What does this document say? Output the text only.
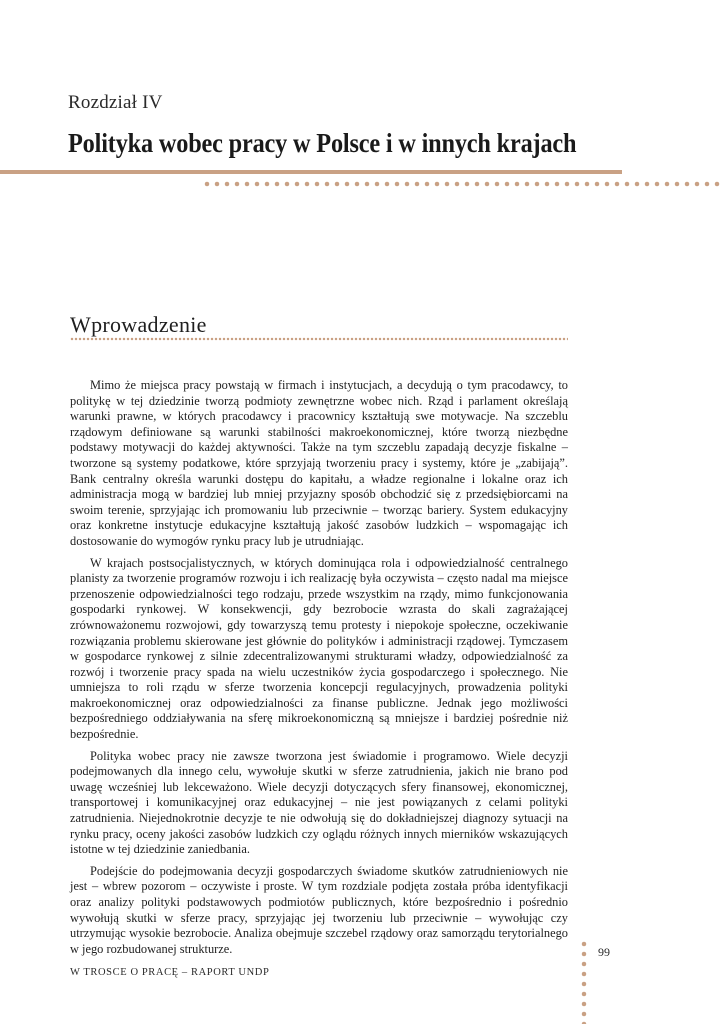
Rozdział IV
Polityka wobec pracy w Polsce i w innych krajach
Wprowadzenie

Mimo że miejsca pracy powstają w firmach i instytucjach, a decydują o tym pracodawcy, to politykę w tej dziedzinie tworzą podmioty zewnętrzne wobec nich. Rząd i parlament określają warunki prawne, w których pracodawcy i pracownicy kształtują swe motywacje. Na szczeblu rządowym definiowane są warunki stabilności makroekonomicznej, które tworzą niezbędne podstawy motywacji do każdej aktywności. Także na tym szczeblu zapadają decyzje fiskalne – tworzone są systemy podatkowe, które sprzyjają tworzeniu pracy i systemy, które je „zabijają”. Bank centralny określa warunki dostępu do kapitału, a władze regionalne i lokalne oraz ich administracja mogą w bardziej lub mniej przyjazny sposób obchodzić się z przedsiębiorcami na swoim terenie, sprzyjając ich promowaniu lub przeciwnie – tworząc bariery. System edukacyjny oraz konkretne instytucje edukacyjne kształtują jakość zasobów ludzkich – wspomagając ich dostosowanie do wymogów rynku pracy lub je utrudniając.

W krajach postsocjalistycznych, w których dominująca rola i odpowiedzialność centralnego planisty za tworzenie programów rozwoju i ich realizację była oczywista – często nadal ma miejsce przenoszenie odpowiedzialności tego rodzaju, przede wszystkim na rządy, mimo funkcjonowania gospodarki rynkowej. W konsekwencji, gdy bezrobocie wzrasta do skali zagrażającej zrównoważonemu rozwojowi, gdy towarzyszą temu protesty i niepokoje społeczne, oczekiwanie rozwiązania problemu skierowane jest głównie do polityków i administracji rządowej. Tymczasem w gospodarce rynkowej z silnie zdecentralizowanymi strukturami władzy, odpowiedzialność za rozwój i tworzenie pracy spada na wielu uczestników życia gospodarczego i społecznego. Nie umniejsza to roli rządu w sferze tworzenia koncepcji regulacyjnych, prowadzenia polityki makroekonomicznej oraz odpowiedzialności za finanse publiczne. Jednak jego możliwości bezpośredniego oddziaływania na sferę mikroekonomiczną są mniejsze i bardziej pośrednie niż bezpośrednie.

Polityka wobec pracy nie zawsze tworzona jest świadomie i programowo. Wiele decyzji podejmowanych dla innego celu, wywołuje skutki w sferze zatrudnienia, jakich nie brano pod uwagę wcześniej lub lekceważono. Wiele decyzji dotyczących sfery finansowej, ekonomicznej, transportowej i komunikacyjnej oraz edukacyjnej – nie jest powiązanych z celami polityki zatrudnienia. Niejednokrotnie decyzje te nie odwołują się do dokładniejszej diagnozy sytuacji na rynku pracy, oceny jakości zasobów ludzkich czy oglądu różnych innych mierników wskazujących istotne w tej dziedzinie zaniedbania.

Podejście do podejmowania decyzji gospodarczych świadome skutków zatrudnieniowych nie jest – wbrew pozorom – oczywiste i proste. W tym rozdziale podjęta została próba identyfikacji oraz analizy polityki podstawowych podmiotów publicznych, które bezpośrednio i pośrednio wywołują skutki w sferze pracy, sprzyjając jej tworzeniu lub przeciwnie – wywołując czy utrzymując wysokie bezrobocie. Analiza obejmuje szczebel rządowy oraz samorządu terytorialnego w jego rozbudowanej strukturze.	99
W TROSCE O PRACĘ – RAPORT UNDP
